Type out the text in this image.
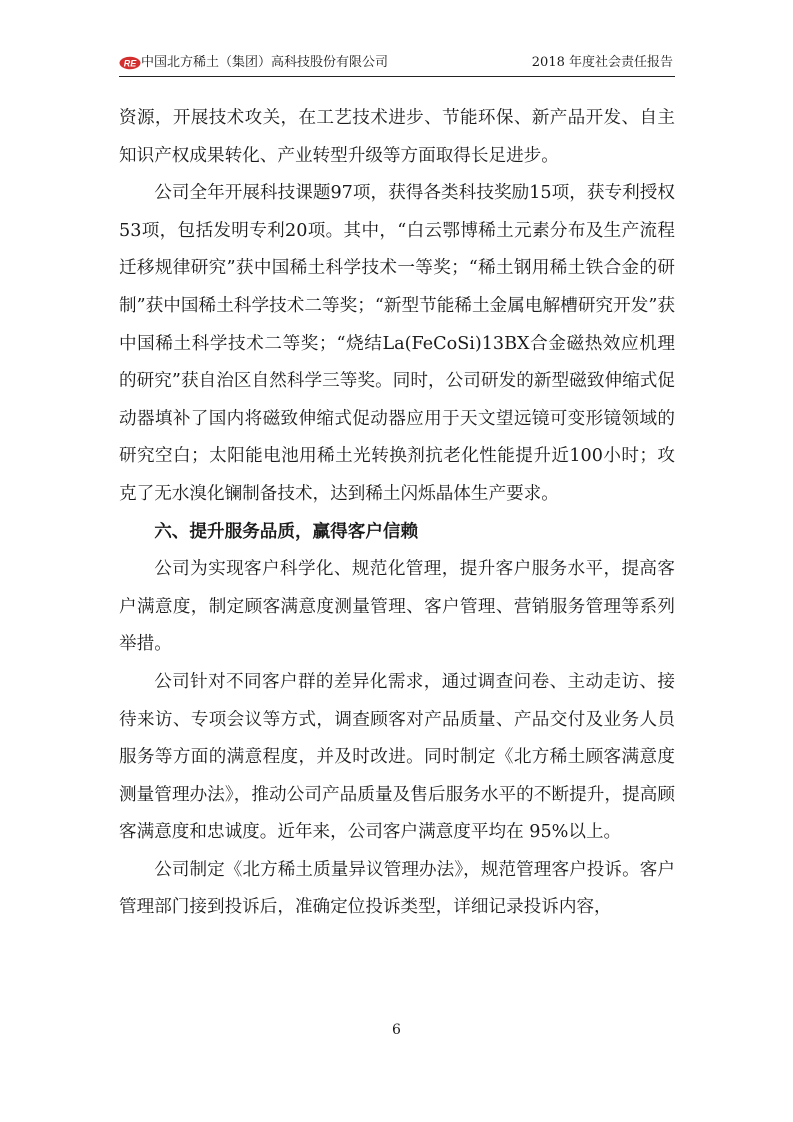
RE 中国北方稀土（集团）高科技股份有限公司	2018 年度社会责任报告

资源，开展技术攻关，在工艺技术进步、节能环保、新产品开发、自主知识产权成果转化、产业转型升级等方面取得长足进步。

公司全年开展科技课题97项，获得各类科技奖励15项，获专利授权53项，包括发明专利20项。其中，“白云鄂博稀土元素分布及生产流程迁移规律研究”获中国稀土科学技术一等奖；“稀土钢用稀土铁合金的研制”获中国稀土科学技术二等奖；“新型节能稀土金属电解槽研究开发”获中国稀土科学技术二等奖；“烧结La(FeCoSi)13BX合金磁热效应机理的研究”获自治区自然科学三等奖。同时，公司研发的新型磁致伸缩式促动器填补了国内将磁致伸缩式促动器应用于天文望远镜可变形镜领域的研究空白；太阳能电池用稀土光转换剂抗老化性能提升近100小时；攻克了无水溴化镧制备技术，达到稀土闪烁晶体生产要求。

六、提升服务品质，赢得客户信赖

公司为实现客户科学化、规范化管理，提升客户服务水平，提高客户满意度，制定顾客满意度测量管理、客户管理、营销服务管理等系列举措。

公司针对不同客户群的差异化需求，通过调查问卷、主动走访、接待来访、专项会议等方式，调查顾客对产品质量、产品交付及业务人员服务等方面的满意程度，并及时改进。同时制定《北方稀土顾客满意度测量管理办法》，推动公司产品质量及售后服务水平的不断提升，提高顾客满意度和忠诚度。近年来，公司客户满意度平均在 95%以上。

公司制定《北方稀土质量异议管理办法》，规范管理客户投诉。客户管理部门接到投诉后，准确定位投诉类型，详细记录投诉内容，

6
